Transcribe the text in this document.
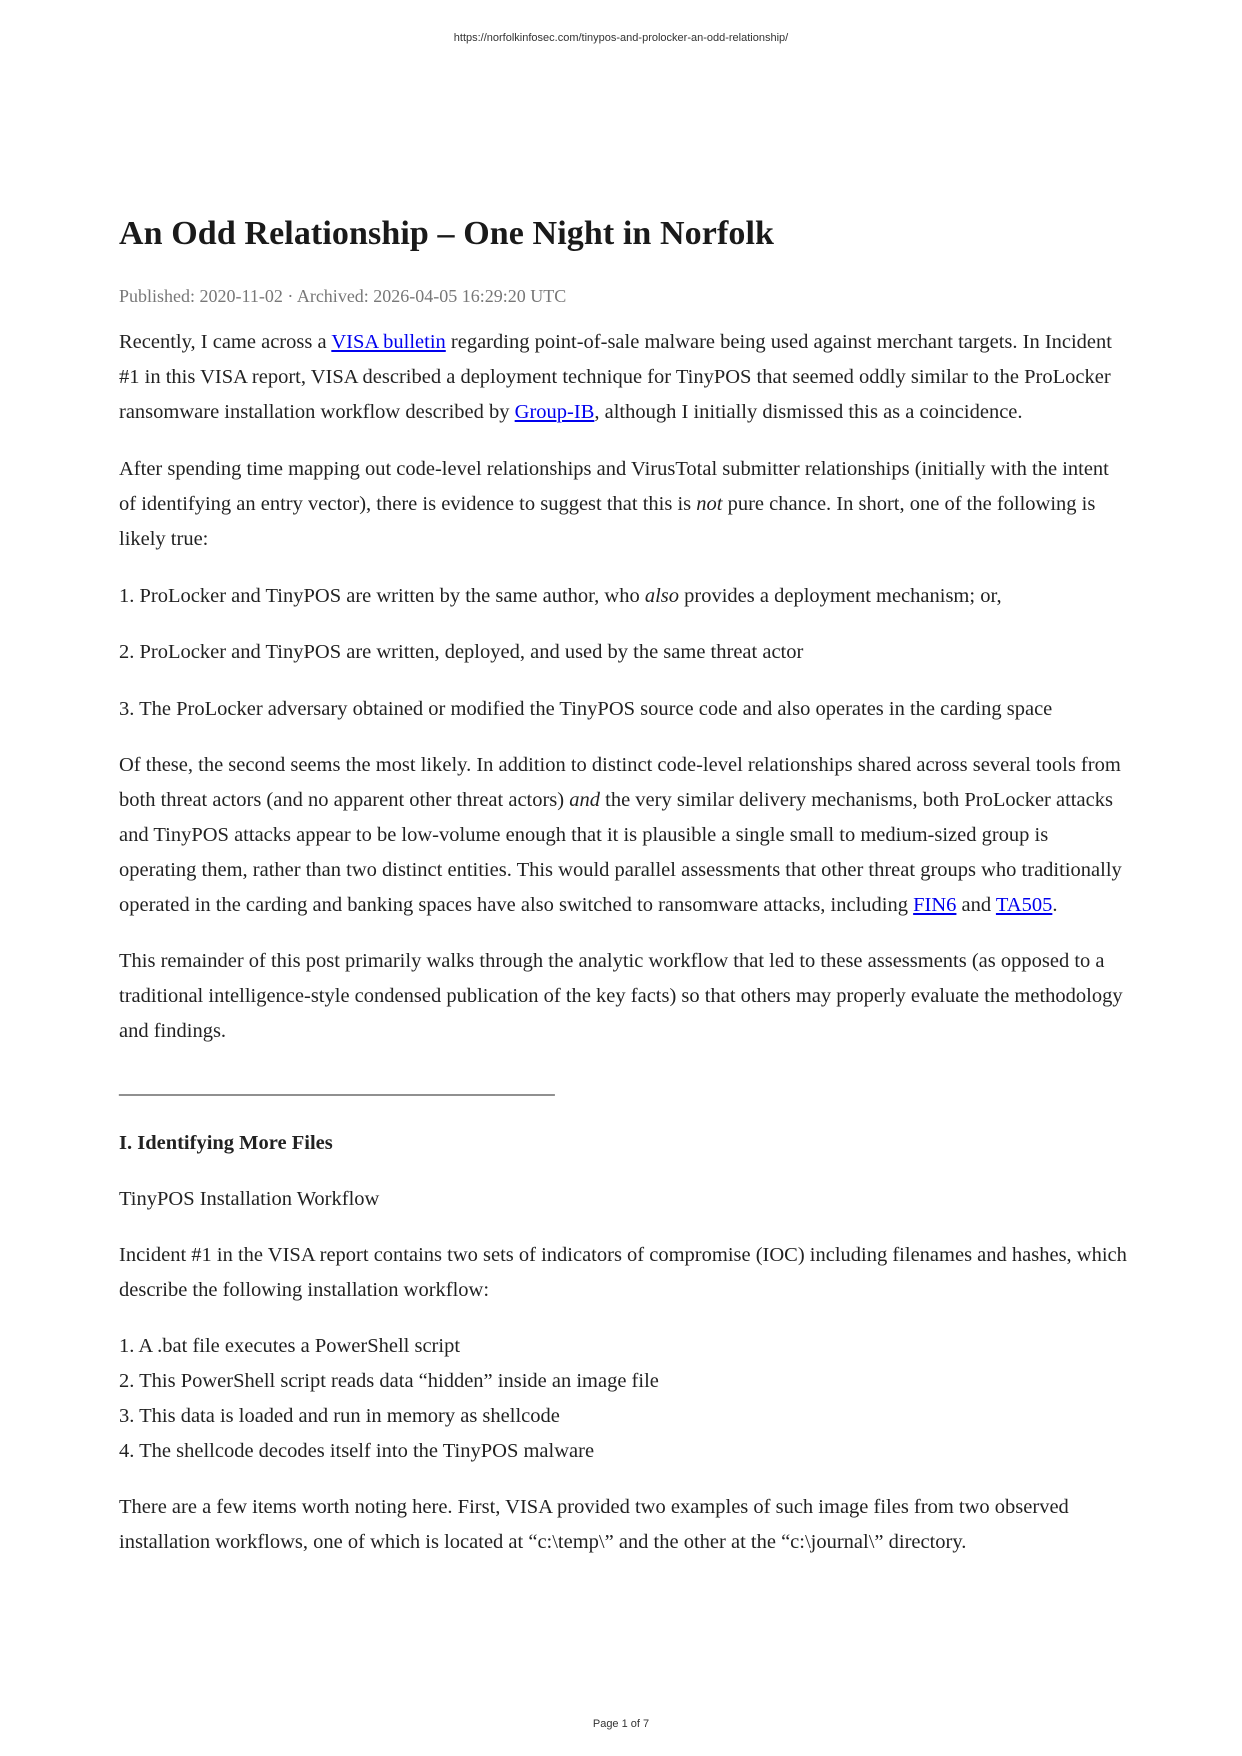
https://norfolkinfosec.com/tinypos-and-prolocker-an-odd-relationship/
An Odd Relationship – One Night in Norfolk
Published: 2020-11-02 · Archived: 2026-04-05 16:29:20 UTC

Recently, I came across a VISA bulletin regarding point-of-sale malware being used against merchant targets. In Incident #1 in this VISA report, VISA described a deployment technique for TinyPOS that seemed oddly similar to the ProLocker ransomware installation workflow described by Group-IB, although I initially dismissed this as a coincidence.

After spending time mapping out code-level relationships and VirusTotal submitter relationships (initially with the intent of identifying an entry vector), there is evidence to suggest that this is not pure chance. In short, one of the following is likely true:

1. ProLocker and TinyPOS are written by the same author, who also provides a deployment mechanism; or,

2. ProLocker and TinyPOS are written, deployed, and used by the same threat actor

3. The ProLocker adversary obtained or modified the TinyPOS source code and also operates in the carding space

Of these, the second seems the most likely. In addition to distinct code-level relationships shared across several tools from both threat actors (and no apparent other threat actors) and the very similar delivery mechanisms, both ProLocker attacks and TinyPOS attacks appear to be low-volume enough that it is plausible a single small to medium-sized group is operating them, rather than two distinct entities. This would parallel assessments that other threat groups who traditionally operated in the carding and banking spaces have also switched to ransomware attacks, including FIN6 and TA505.

This remainder of this post primarily walks through the analytic workflow that led to these assessments (as opposed to a traditional intelligence-style condensed publication of the key facts) so that others may properly evaluate the methodology and findings.

_______________________________________________

I. Identifying More Files

TinyPOS Installation Workflow

Incident #1 in the VISA report contains two sets of indicators of compromise (IOC) including filenames and hashes, which describe the following installation workflow:

1. A .bat file executes a PowerShell script

2. This PowerShell script reads data “hidden” inside an image file

3. This data is loaded and run in memory as shellcode

4. The shellcode decodes itself into the TinyPOS malware

There are a few items worth noting here. First, VISA provided two examples of such image files from two observed installation workflows, one of which is located at “c:\temp\” and the other at the “c:\journal\” directory.

Page 1 of 7
